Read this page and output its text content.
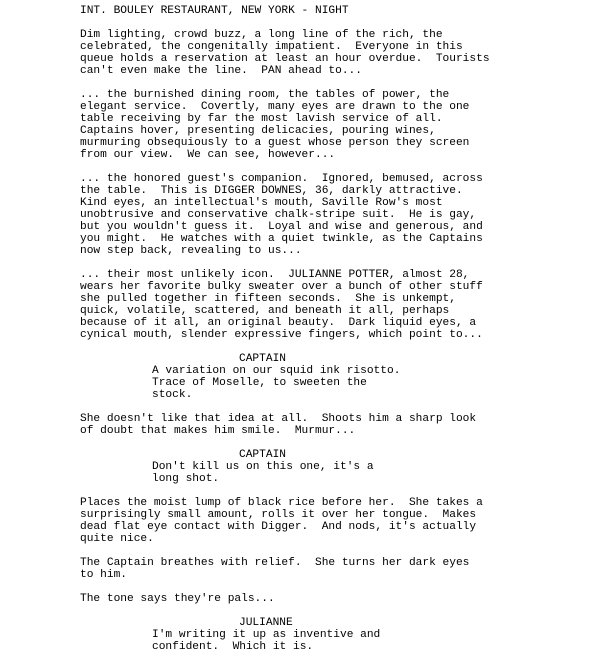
INT. BOULEY RESTAURANT, NEW YORK - NIGHT
Dim lighting, crowd buzz, a long line of the rich, the
celebrated, the congenitally impatient.  Everyone in this
queue holds a reservation at least an hour overdue.  Tourists
can't even make the line.  PAN ahead to...
... the burnished dining room, the tables of power, the
elegant service.  Covertly, many eyes are drawn to the one
table receiving by far the most lavish service of all.
Captains hover, presenting delicacies, pouring wines,
murmuring obsequiously to a guest whose person they screen
from our view.  We can see, however...
... the honored guest's companion.  Ignored, bemused, across
the table.  This is DIGGER DOWNES, 36, darkly attractive.
Kind eyes, an intellectual's mouth, Saville Row's most
unobtrusive and conservative chalk-stripe suit.  He is gay,
but you wouldn't guess it.  Loyal and wise and generous, and
you might.  He watches with a quiet twinkle, as the Captains
now step back, revealing to us...
... their most unlikely icon.  JULIANNE POTTER, almost 28,
wears her favorite bulky sweater over a bunch of other stuff
she pulled together in fifteen seconds.  She is unkempt,
quick, volatile, scattered, and beneath it all, perhaps
because of it all, an original beauty.  Dark liquid eyes, a
cynical mouth, slender expressive fingers, which point to...
CAPTAIN
A variation on our squid ink risotto.
Trace of Moselle, to sweeten the
stock.
She doesn't like that idea at all.  Shoots him a sharp look
of doubt that makes him smile.  Murmur...
CAPTAIN
Don't kill us on this one, it's a
long shot.
Places the moist lump of black rice before her.  She takes a
surprisingly small amount, rolls it over her tongue.  Makes
dead flat eye contact with Digger.  And nods, it's actually
quite nice.
The Captain breathes with relief.  She turns her dark eyes
to him.
The tone says they're pals...
JULIANNE
I'm writing it up as inventive and
confident.  Which it is.
